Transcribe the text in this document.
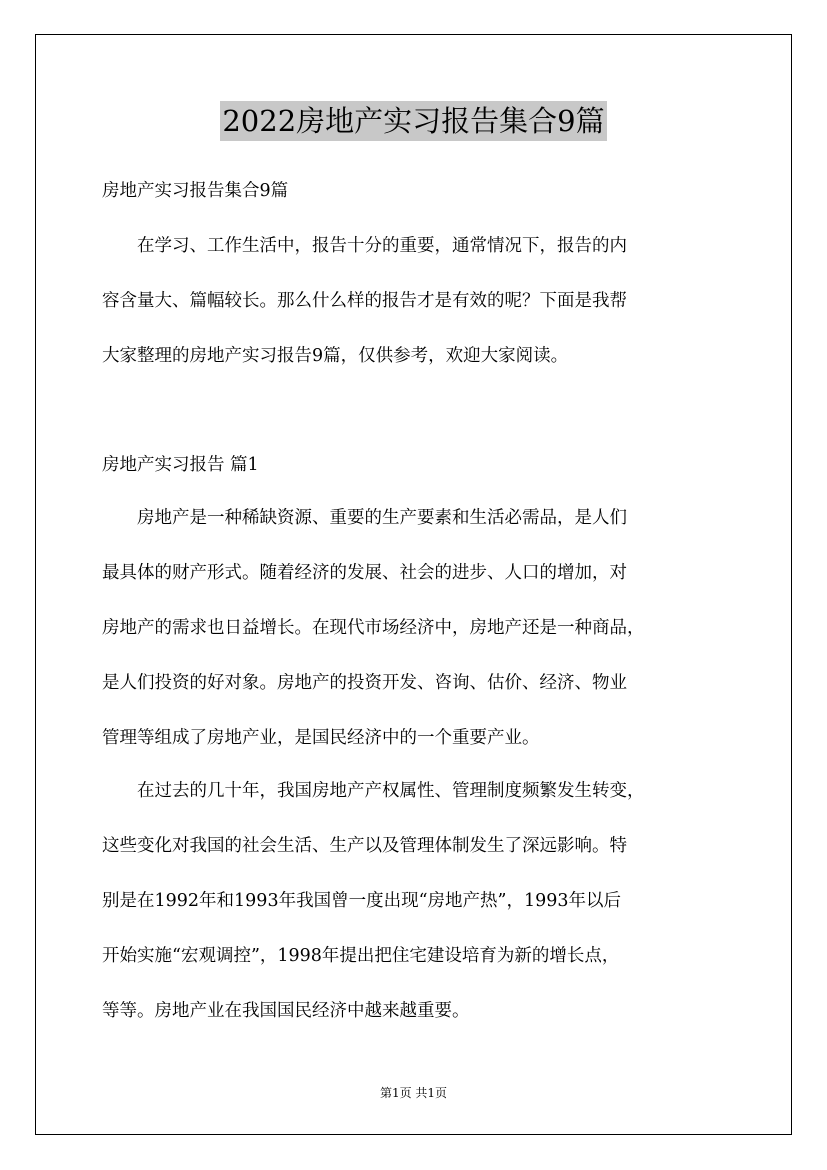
2022房地产实习报告集合9篇
房地产实习报告集合9篇
　　在学习、工作生活中，报告十分的重要，通常情况下，报告的内
容含量大、篇幅较长。那么什么样的报告才是有效的呢？下面是我帮
大家整理的房地产实习报告9篇，仅供参考，欢迎大家阅读。
房地产实习报告 篇1
　　房地产是一种稀缺资源、重要的生产要素和生活必需品，是人们
最具体的财产形式。随着经济的发展、社会的进步、人口的增加，对
房地产的需求也日益增长。在现代市场经济中，房地产还是一种商品，
是人们投资的好对象。房地产的投资开发、咨询、估价、经济、物业
管理等组成了房地产业，是国民经济中的一个重要产业。
　　在过去的几十年，我国房地产产权属性、管理制度频繁发生转变，
这些变化对我国的社会生活、生产以及管理体制发生了深远影响。特
别是在1992年和1993年我国曾一度出现“房地产热”，1993年以后
开始实施“宏观调控”，1998年提出把住宅建设培育为新的增长点，
等等。房地产业在我国国民经济中越来越重要。
第1页 共1页
